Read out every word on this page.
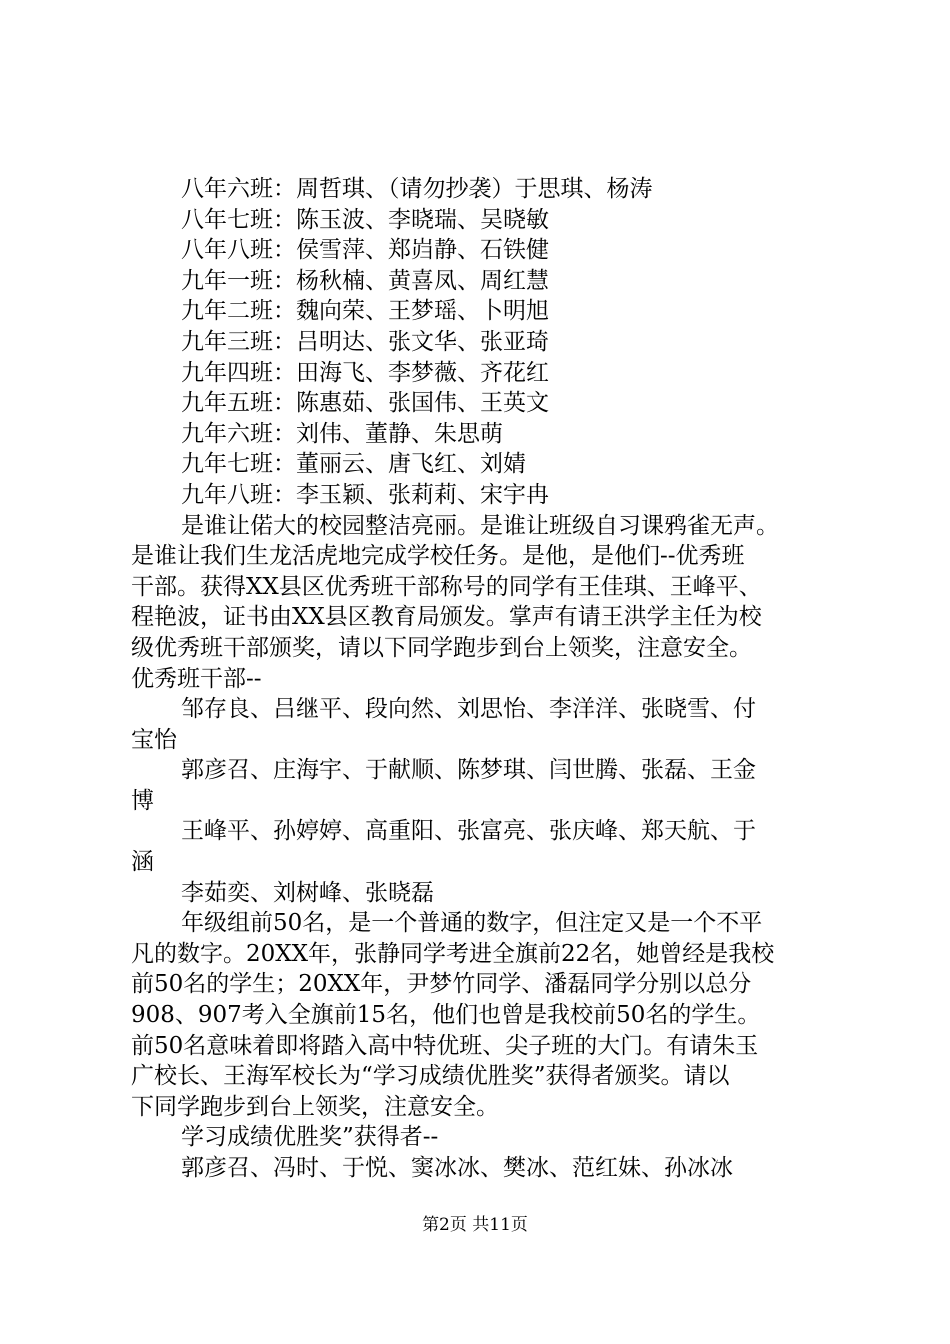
八年六班：周哲琪、（请勿抄袭）于思琪、杨涛
八年七班：陈玉波、李晓瑞、吴晓敏
八年八班：侯雪萍、郑岿静、石铁健
九年一班：杨秋楠、黄喜凤、周红慧
九年二班：魏向荣、王梦瑶、卜明旭
九年三班：吕明达、张文华、张亚琦
九年四班：田海飞、李梦薇、齐花红
九年五班：陈惠茹、张国伟、王英文
九年六班：刘伟、董静、朱思萌
九年七班：董丽云、唐飞红、刘婧
九年八班：李玉颖、张莉莉、宋宇冉
是谁让偌大的校园整洁亮丽。是谁让班级自习课鸦雀无声。
是谁让我们生龙活虎地完成学校任务。是他，是他们--优秀班
干部。获得XX县区优秀班干部称号的同学有王佳琪、王峰平、
程艳波，证书由XX县区教育局颁发。掌声有请王洪学主任为校
级优秀班干部颁奖，请以下同学跑步到台上领奖，注意安全。
优秀班干部--
邹存良、吕继平、段向然、刘思怡、李洋洋、张晓雪、付
宝怡
郭彦召、庄海宇、于献顺、陈梦琪、闫世腾、张磊、王金
博
王峰平、孙婷婷、高重阳、张富亮、张庆峰、郑天航、于
涵
李茹奕、刘树峰、张晓磊
年级组前50名，是一个普通的数字，但注定又是一个不平
凡的数字。20XX年，张静同学考进全旗前22名，她曾经是我校
前50名的学生；20XX年，尹梦竹同学、潘磊同学分别以总分
908、907考入全旗前15名，他们也曾是我校前50名的学生。
前50名意味着即将踏入高中特优班、尖子班的大门。有请朱玉
广校长、王海军校长为“学习成绩优胜奖”获得者颁奖。请以
下同学跑步到台上领奖，注意安全。
学习成绩优胜奖”获得者--
郭彦召、冯时、于悦、窦冰冰、樊冰、范红妹、孙冰冰
第2页 共11页
